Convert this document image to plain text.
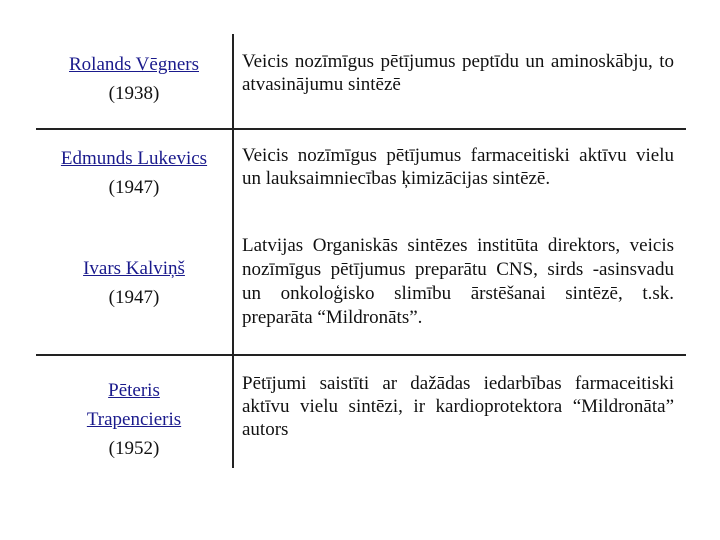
Rolands Vēgners
(1938)
Veicis nozīmīgus pētījumus peptīdu un aminoskābju, to atvasinājumu sintēzē
Edmunds Lukevics
(1947)
Veicis nozīmīgus pētījumus farmaceitiski aktīvu vielu un lauksaimniecības ķimizācijas sintēzē.
Ivars Kalviņš
(1947)
Latvijas Organiskās sintēzes institūta direktors, veicis nozīmīgus pētījumus preparātu CNS, sirds -asinsvadu un onkoloģisko slimību ārstēšanai sintēzē, t.sk. preparāta “Mildronāts”.
Pēteris Trapencieris
(1952)
Pētījumi saistīti ar dažādas iedarbības farmaceitiski aktīvu vielu sintēzi, ir kardioprotektora “Mildronāta” autors
